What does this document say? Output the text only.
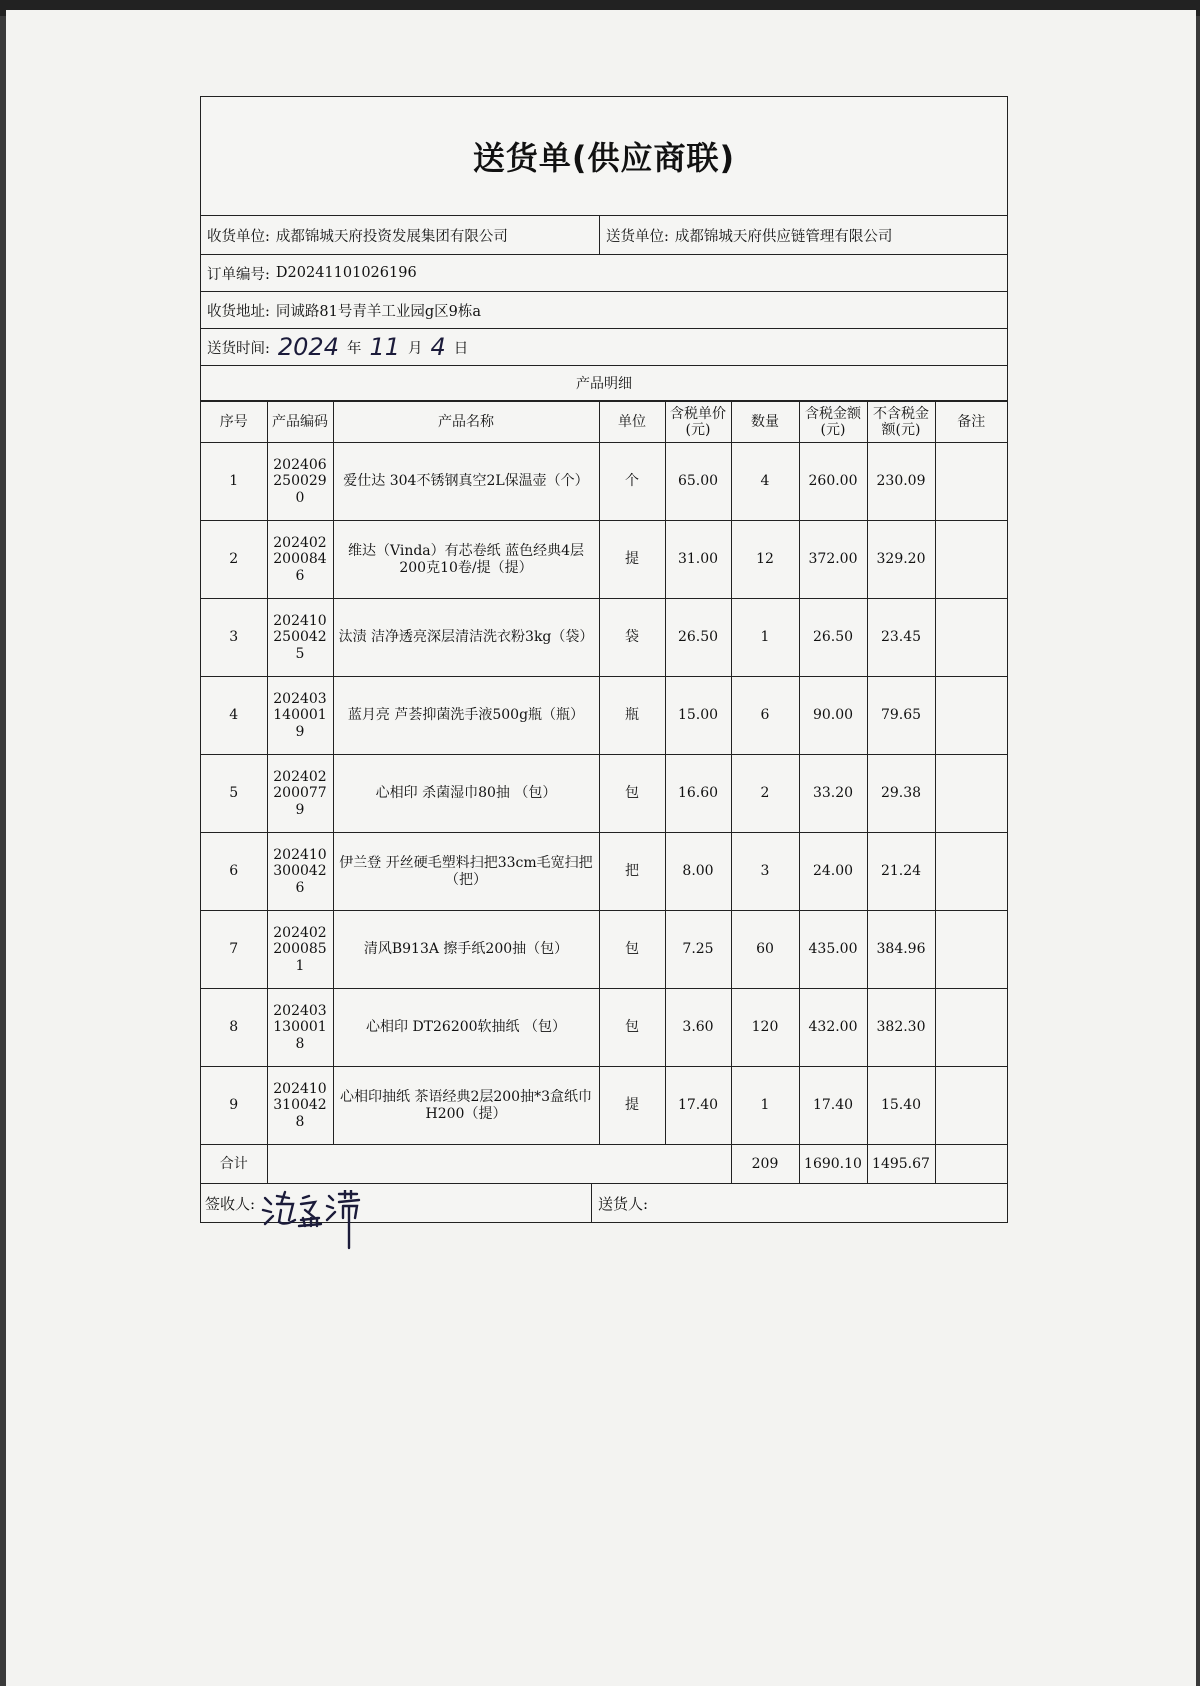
送货单(供应商联)
收货单位: 成都锦城天府投资发展集团有限公司	送货单位: 成都锦城天府供应链管理有限公司
订单编号: D20241101026196
收货地址: 同诚路81号青羊工业园g区9栋a
送货时间: 2024 年 11 月 4 日
产品明细
序号	产品编码	产品名称	单位	含税单价(元)	数量	含税金额(元)	不含税金额(元)	备注
1	2024062500290	爱仕达 304不锈钢真空2L保温壶（个）	个	65.00	4	260.00	230.09	
2	2024022000846	维达（Vinda）有芯卷纸 蓝色经典4层200克10卷/提（提）	提	31.00	12	372.00	329.20	
3	2024102500425	汰渍 洁净透亮深层清洁洗衣粉3kg（袋）	袋	26.50	1	26.50	23.45	
4	2024031400019	蓝月亮 芦荟抑菌洗手液500g瓶（瓶）	瓶	15.00	6	90.00	79.65	
5	2024022000779	心相印 杀菌湿巾80抽 （包）	包	16.60	2	33.20	29.38	
6	2024103000426	伊兰登 开丝硬毛塑料扫把33cm毛宽扫把（把）	把	8.00	3	24.00	21.24	
7	2024022000851	清风B913A 擦手纸200抽（包）	包	7.25	60	435.00	384.96	
8	2024031300018	心相印 DT26200软抽纸 （包）	包	3.60	120	432.00	382.30	
9	2024103100428	心相印抽纸 茶语经典2层200抽*3盒纸巾H200（提）	提	17.40	1	17.40	15.40	
合计					209	1690.10	1495.67	
签收人:	送货人:
